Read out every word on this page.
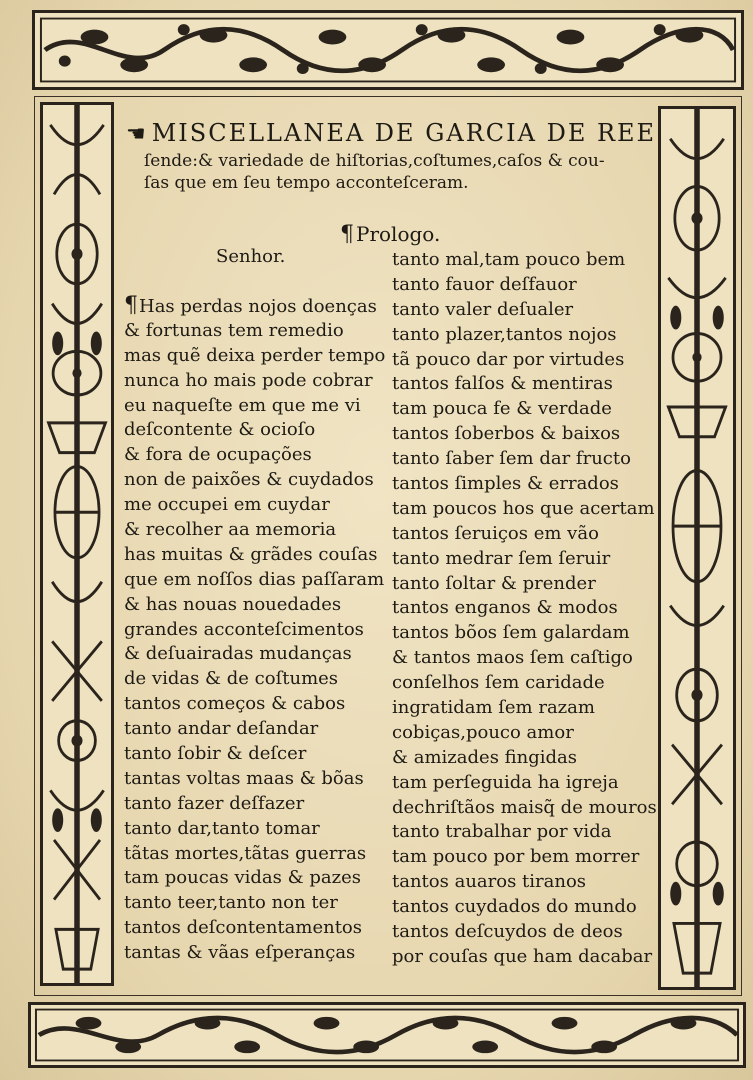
☚ MISCELLANEA DE GARCIA DE REE
ſende:& variedade de hiſtorias,coſtumes,caſos & cou-
ſas que em ſeu tempo acconteſceram.
¶ Prologo.
Senhor.
¶Has perdas nojos doenças
& fortunas tem remedio
mas quẽ deixa perder tempo
nunca ho mais pode cobrar
eu naqueſte em que me vi
deſcontente & ocioſo
& fora de ocupações
non de paixões & cuydados
me occupei em cuydar
& recolher aa memoria
has muitas & grãdes couſas
que em noſſos dias paſſaram
& has nouas nouedades
grandes acconteſcimentos
& deſuairadas mudanças
de vidas & de coſtumes
tantos começos & cabos
tanto andar deſandar
tanto ſobir & deſcer
tantas voltas maas & bõas
tanto fazer deſfazer
tanto dar,tanto tomar
tãtas mortes,tãtas guerras
tam poucas vidas & pazes
tanto teer,tanto non ter
tantos deſcontentamentos
tantas & vãas eſperanças
tanto mal,tam pouco bem
tanto fauor deſfauor
tanto valer deſualer
tanto plazer,tantos nojos
tã pouco dar por virtudes
tantos falſos & mentiras
tam pouca fe & verdade
tantos ſoberbos & baixos
tanto ſaber ſem dar fructo
tantos ſimples & errados
tam poucos hos que acertam
tantos ſeruiços em vão
tanto medrar ſem ſeruir
tanto ſoltar & prender
tantos enganos & modos
tantos bõos ſem galardam
& tantos maos ſem caſtigo
conſelhos ſem caridade
ingratidam ſem razam
cobiças,pouco amor
& amizades fingidas
tam perſeguida ha igreja
dechriſtãos maisq̃ de mouros
tanto trabalhar por vida
tam pouco por bem morrer
tantos auaros tiranos
tantos cuydados do mundo
tantos deſcuydos de deos
por couſas que ham dacabar
